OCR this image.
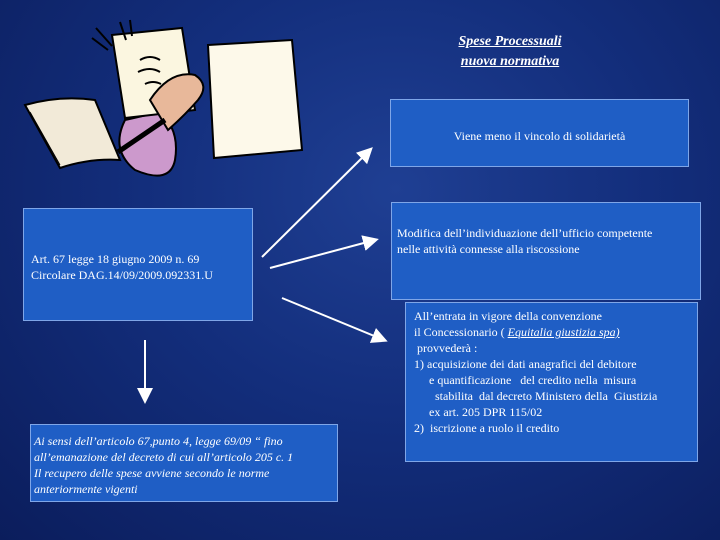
Spese Processuali
nuova normativa
Viene meno il vincolo di solidarietà
Art. 67 legge 18 giugno 2009 n. 69
Circolare DAG.14/09/2009.092331.U
Modifica dell’individuazione dell’ufficio competente
nelle attività connesse alla riscossione
All’entrata in vigore della convenzione
il Concessionario ( Equitalia giustizia spa)
provvederà :
1) acquisizione dei dati anagrafici del debitore
e quantificazione   del credito nella  misura
stabilita  dal decreto Ministero della  Giustizia
ex art. 205 DPR 115/02
2)  iscrizione a ruolo il credito
Ai sensi dell’articolo 67,punto 4, legge 69/09 “ fino
all’emanazione del decreto di cui all’articolo 205 c. 1
Il recupero delle spese avviene secondo le norme
anteriormente vigenti
